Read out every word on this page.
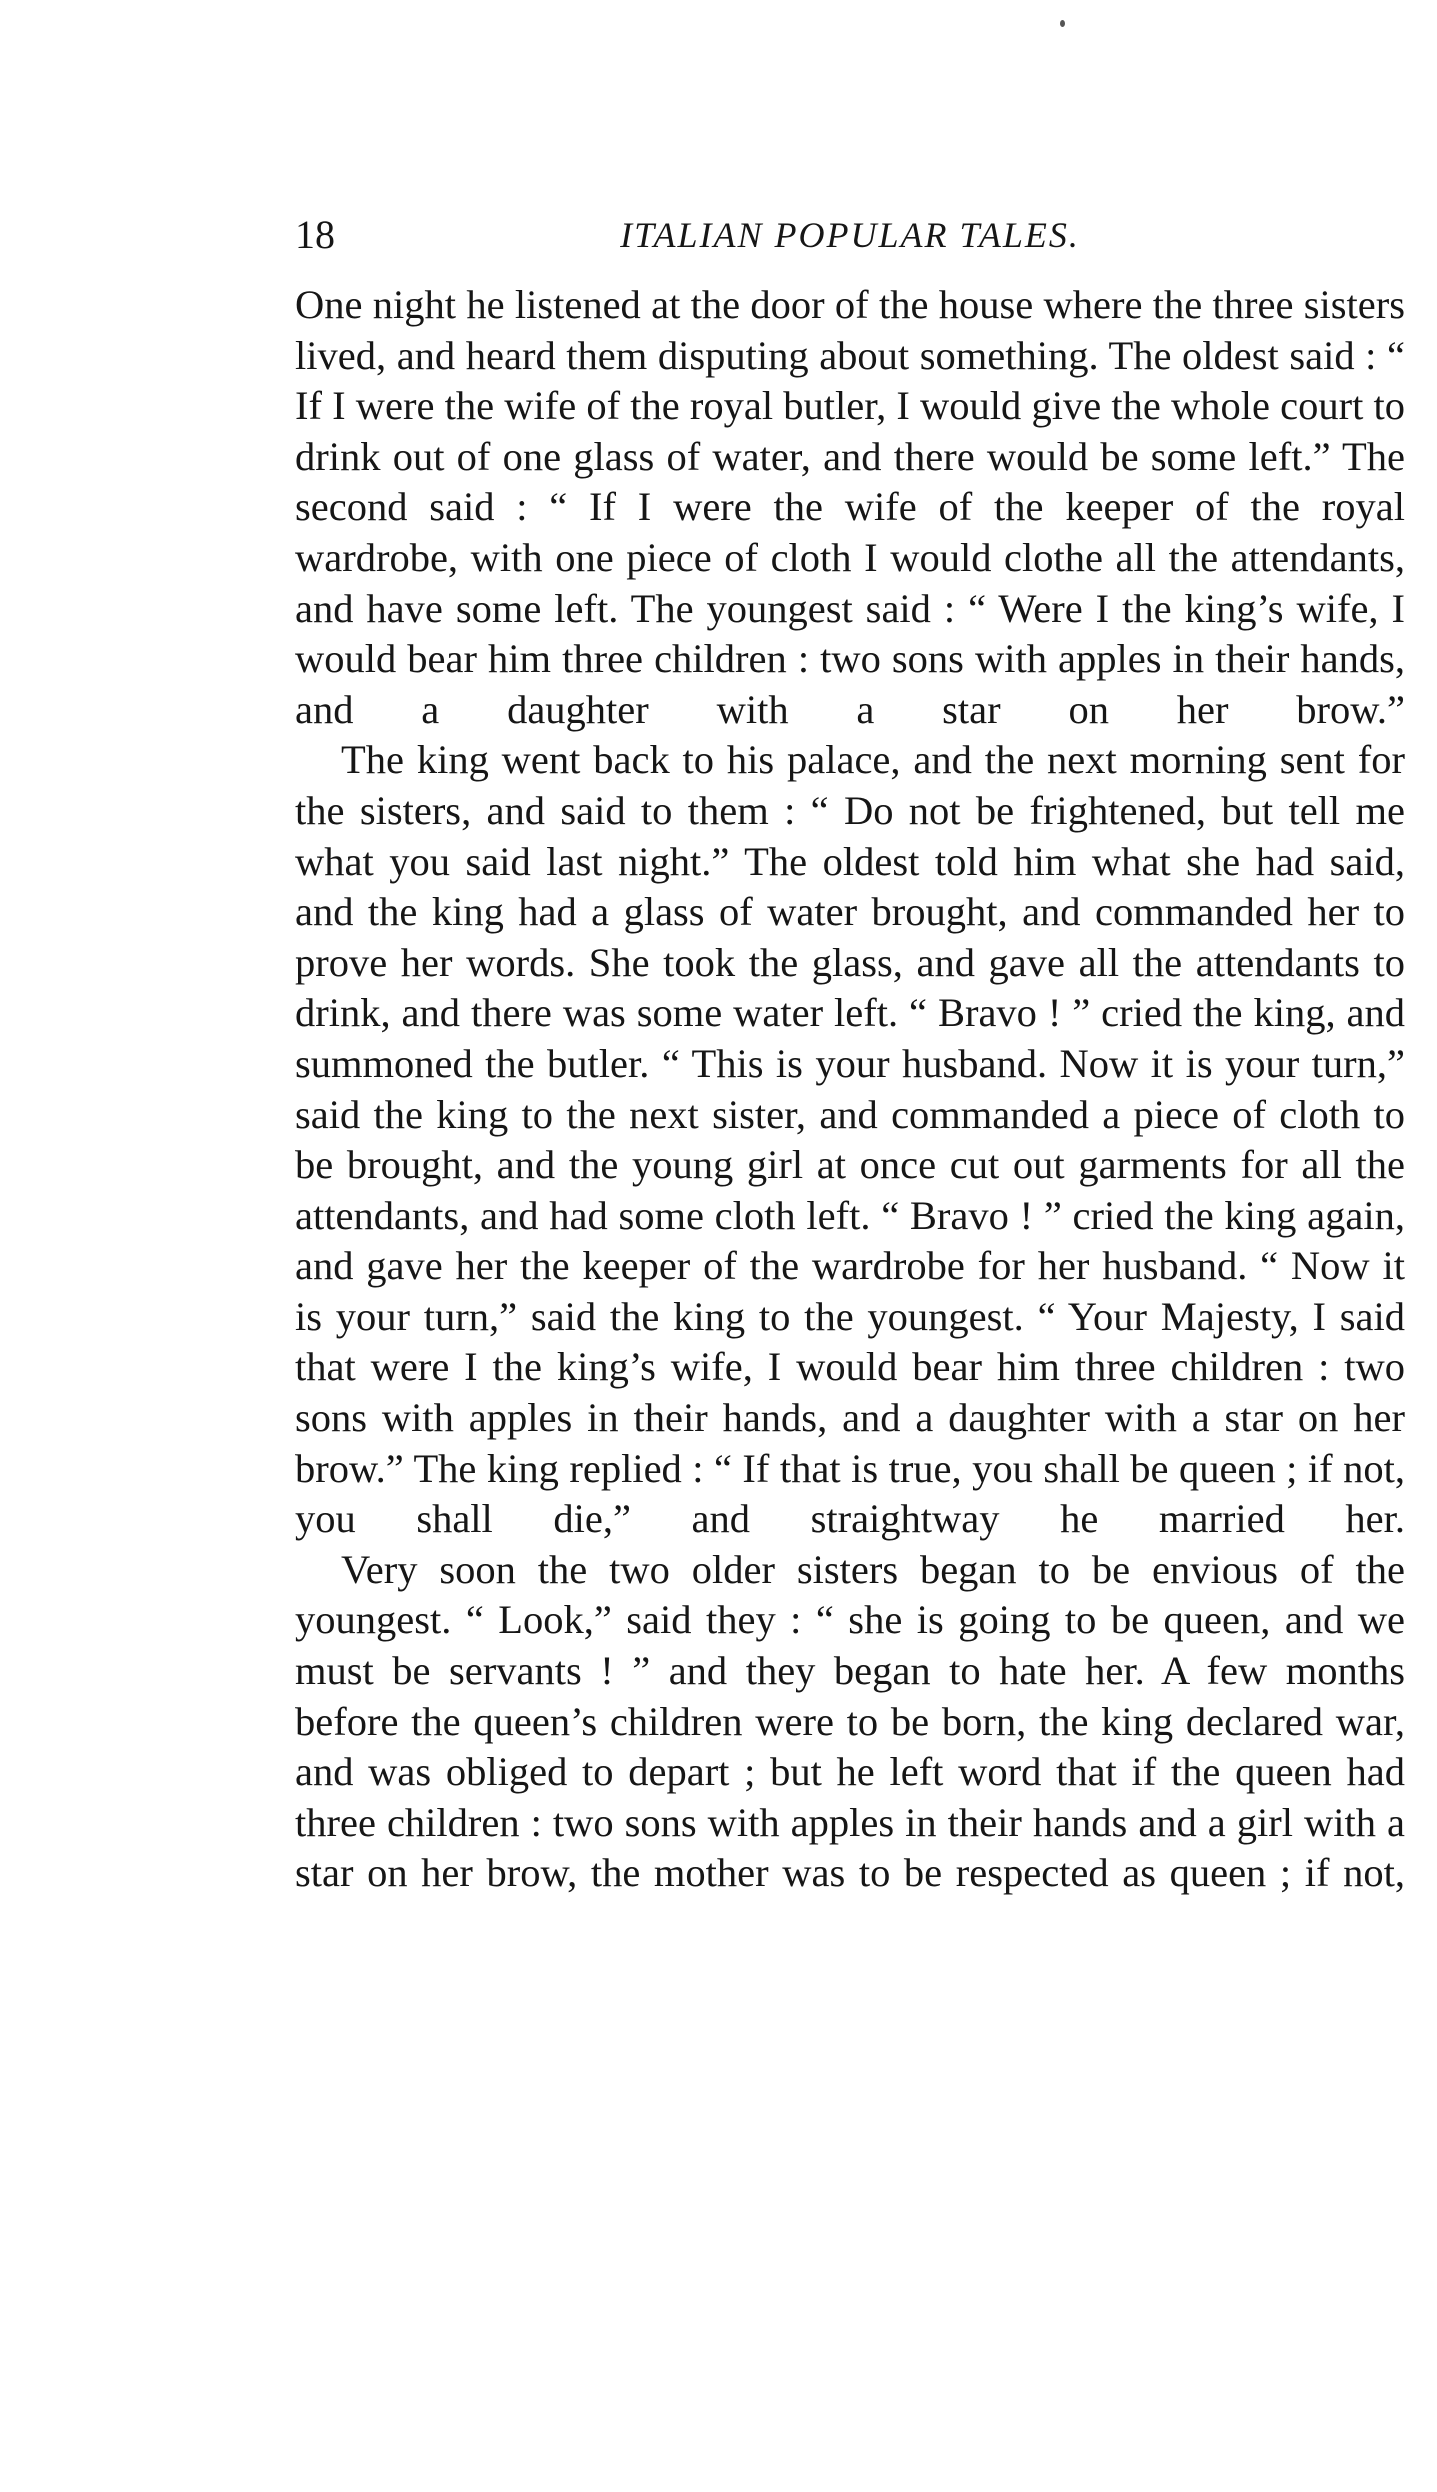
18	ITALIAN POPULAR TALES.

One night he listened at the door of the house where the three sisters lived, and heard them disputing about something. The oldest said : “ If I were the wife of the royal butler, I would give the whole court to drink out of one glass of water, and there would be some left.” The second said : “ If I were the wife of the keeper of the royal wardrobe, with one piece of cloth I would clothe all the attendants, and have some left. The youngest said : “ Were I the king’s wife, I would bear him three children : two sons with apples in their hands, and a daughter with a star on her brow.”

The king went back to his palace, and the next morning sent for the sisters, and said to them : “ Do not be frightened, but tell me what you said last night.” The oldest told him what she had said, and the king had a glass of water brought, and commanded her to prove her words. She took the glass, and gave all the attendants to drink, and there was some water left. “ Bravo ! ” cried the king, and summoned the butler. “ This is your husband. Now it is your turn,” said the king to the next sister, and commanded a piece of cloth to be brought, and the young girl at once cut out garments for all the attendants, and had some cloth left. “ Bravo ! ” cried the king again, and gave her the keeper of the wardrobe for her husband. “ Now it is your turn,” said the king to the youngest. “ Your Majesty, I said that were I the king’s wife, I would bear him three children : two sons with apples in their hands, and a daughter with a star on her brow.” The king replied : “ If that is true, you shall be queen ; if not, you shall die,” and straightway he married her.

Very soon the two older sisters began to be envious of the youngest. “ Look,” said they : “ she is going to be queen, and we must be servants ! ” and they began to hate her. A few months before the queen’s children were to be born, the king declared war, and was obliged to depart ; but he left word that if the queen had three children : two sons with apples in their hands and a girl with a star on her brow, the mother was to be respected as queen ; if not,
